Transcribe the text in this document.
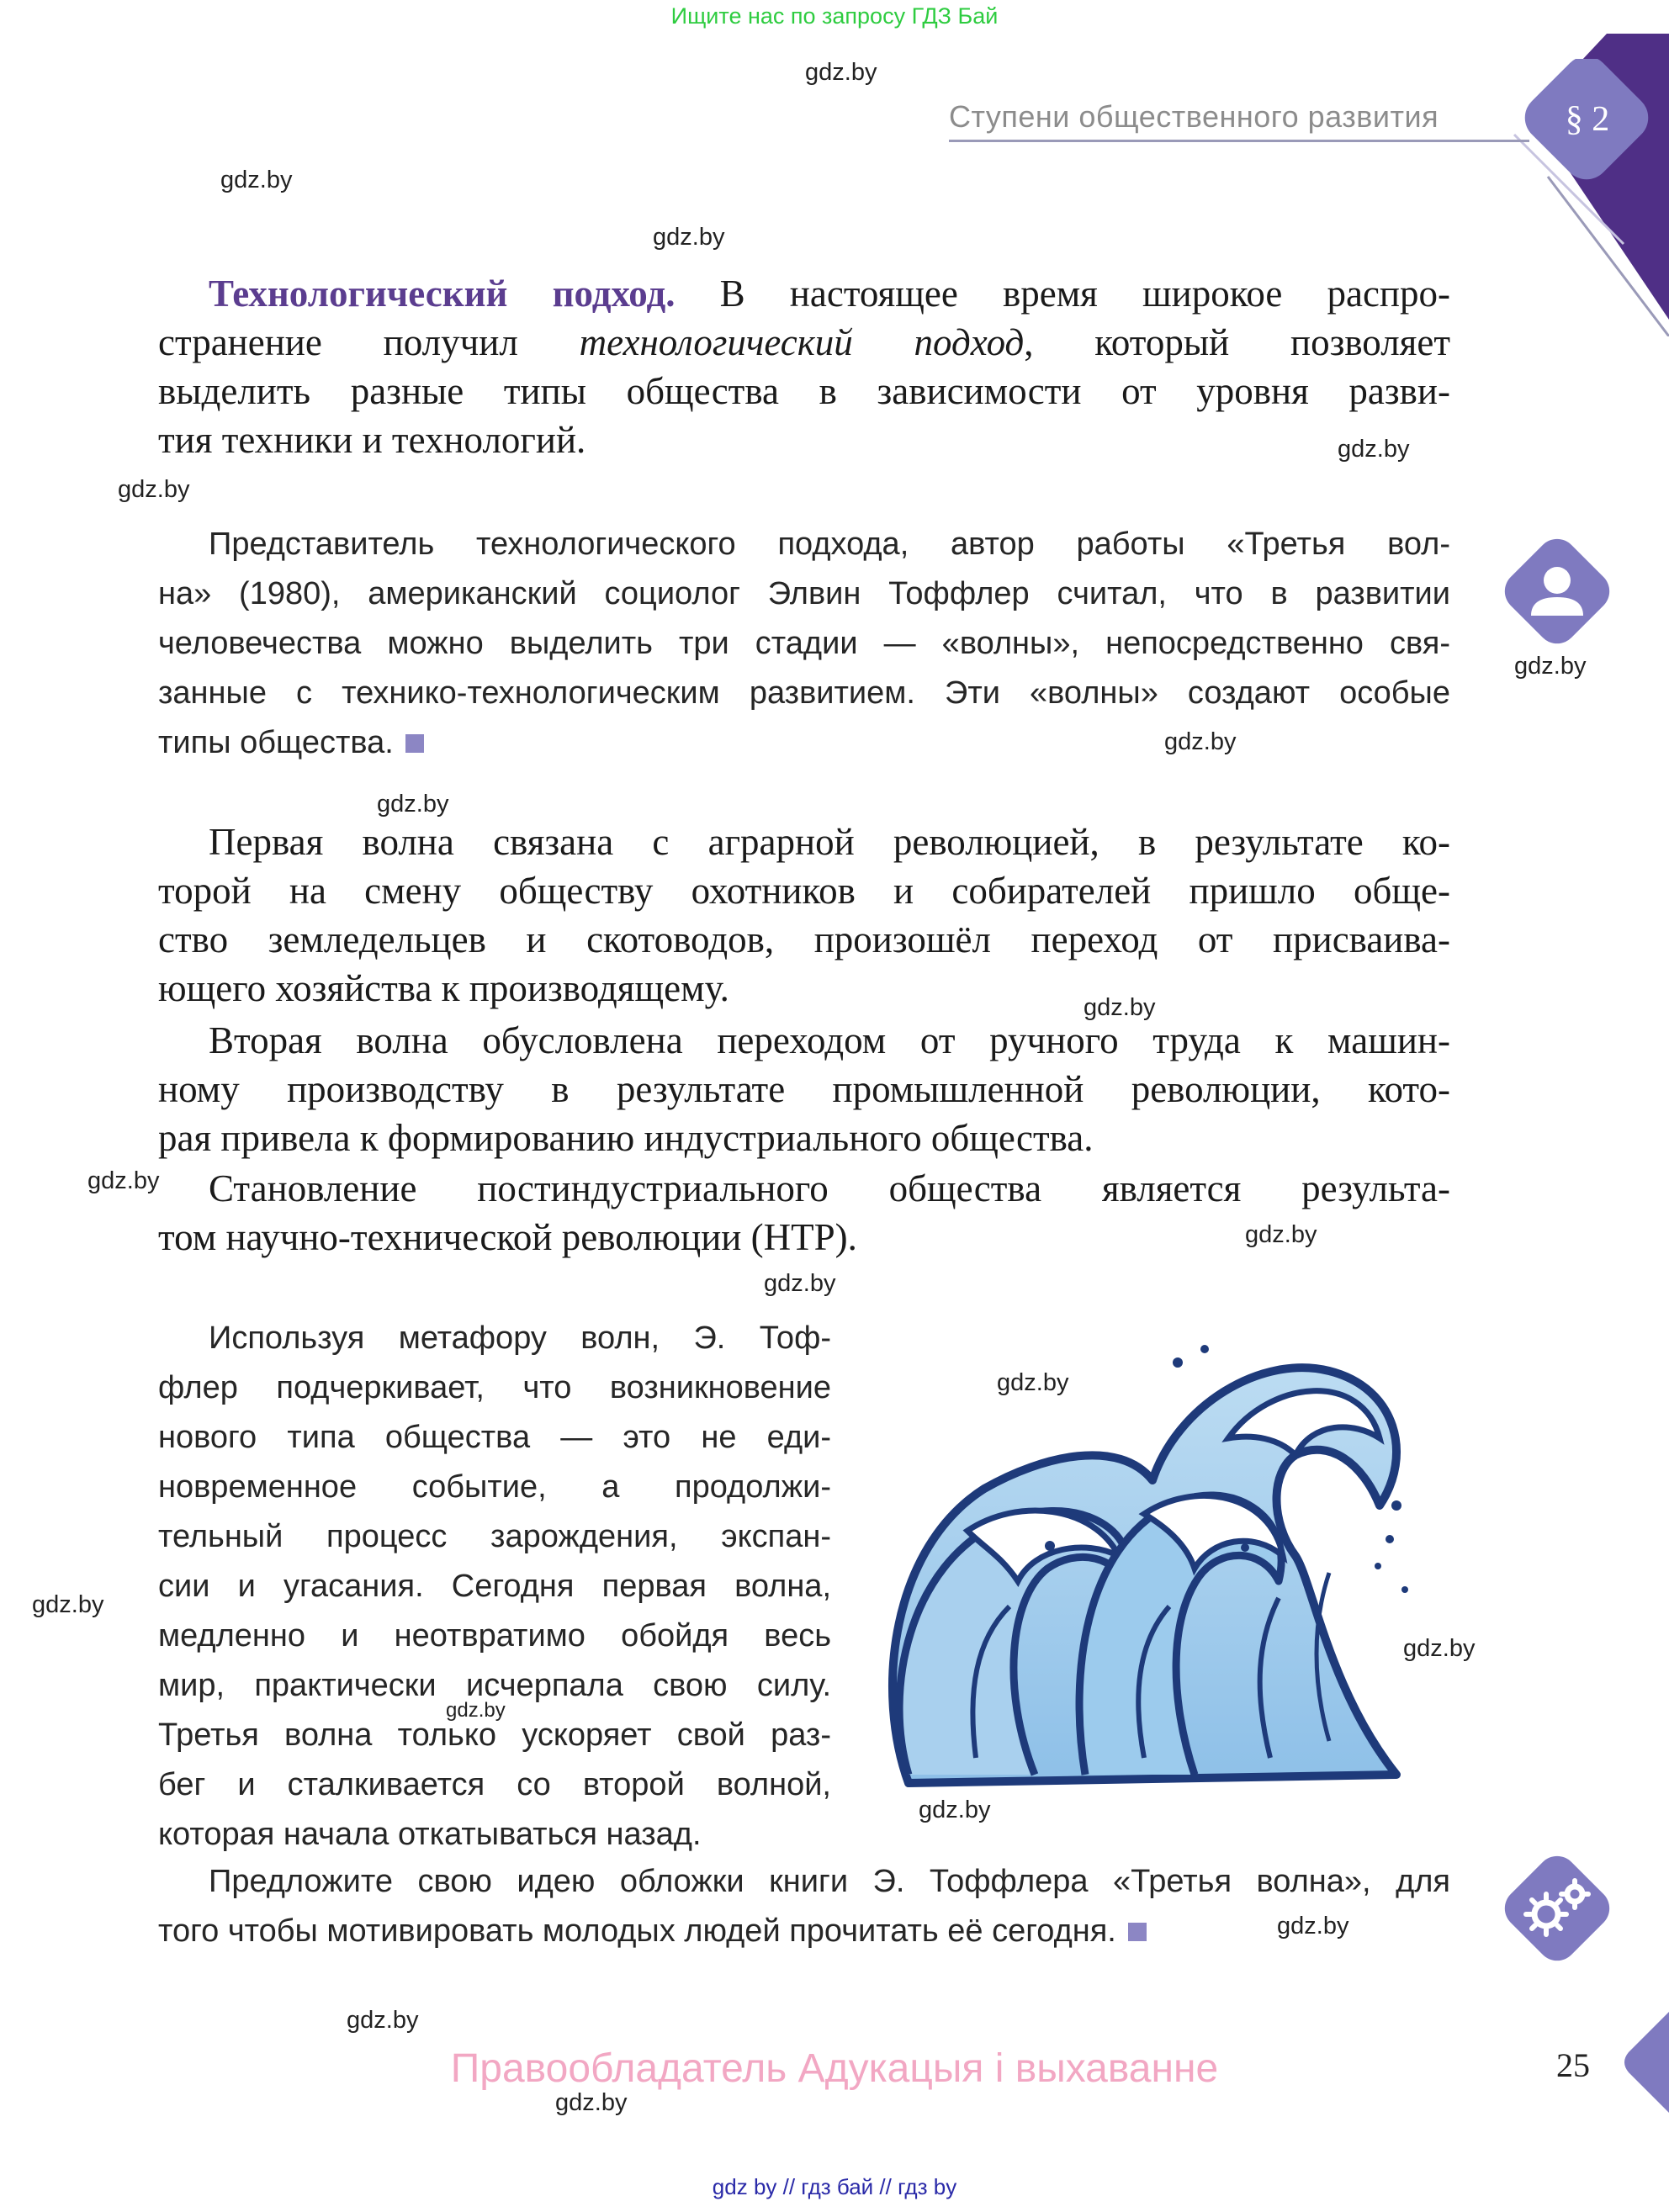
Ищите нас по запросу ГДЗ Бай
§ 2
Ступени общественного развития
Технологический подход. В настоящее время широкое распро-
странение получил технологический подход, который позволяет
выделить разные типы общества в зависимости от уровня разви-
тия техники и технологий.
Представитель технологического подхода, автор работы «Третья вол-
на» (1980), американский социолог Элвин Тоффлер считал, что в развитии
человечества можно выделить три стадии — «волны», непосредственно свя-
занные с технико-технологическим развитием. Эти «волны» создают особые
типы общества.
Первая волна связана с аграрной революцией, в результате ко-
торой на смену обществу охотников и собирателей пришло обще-
ство земледельцев и скотоводов, произошёл переход от присваива-
ющего хозяйства к производящему.
Вторая волна обусловлена переходом от ручного труда к машин-
ному производству в результате промышленной революции, кото-
рая привела к формированию индустриального общества.
Становление постиндустриального общества является результа-
том научно-технической революции (НТР).
Используя метафору волн, Э. Тоф-
флер подчеркивает, что возникновение
нового типа общества — это не еди-
новременное событие, а продолжи-
тельный процесс зарождения, экспан-
сии и угасания. Сегодня первая волна,
медленно и неотвратимо обойдя весь
мир, практически исчерпала свою силу.
Третья волна только ускоряет свой раз-
бег и сталкивается со второй волной,
которая начала откатываться назад.
Предложите свою идею обложки книги Э. Тоффлера «Третья волна», для
того чтобы мотивировать молодых людей прочитать её сегодня.
gdz.by
gdz.by
gdz.by
gdz.by
gdz.by
gdz.by
gdz.by
gdz.by
gdz.by
gdz.by
gdz.by
gdz.by
gdz.by
gdz.by
gdz.by
gdz.by
gdz.by
gdz.by
gdz.by
gdz.by
Правообладатель Адукацыя і выхаванне	25
gdz by // гдз бай // гдз by
